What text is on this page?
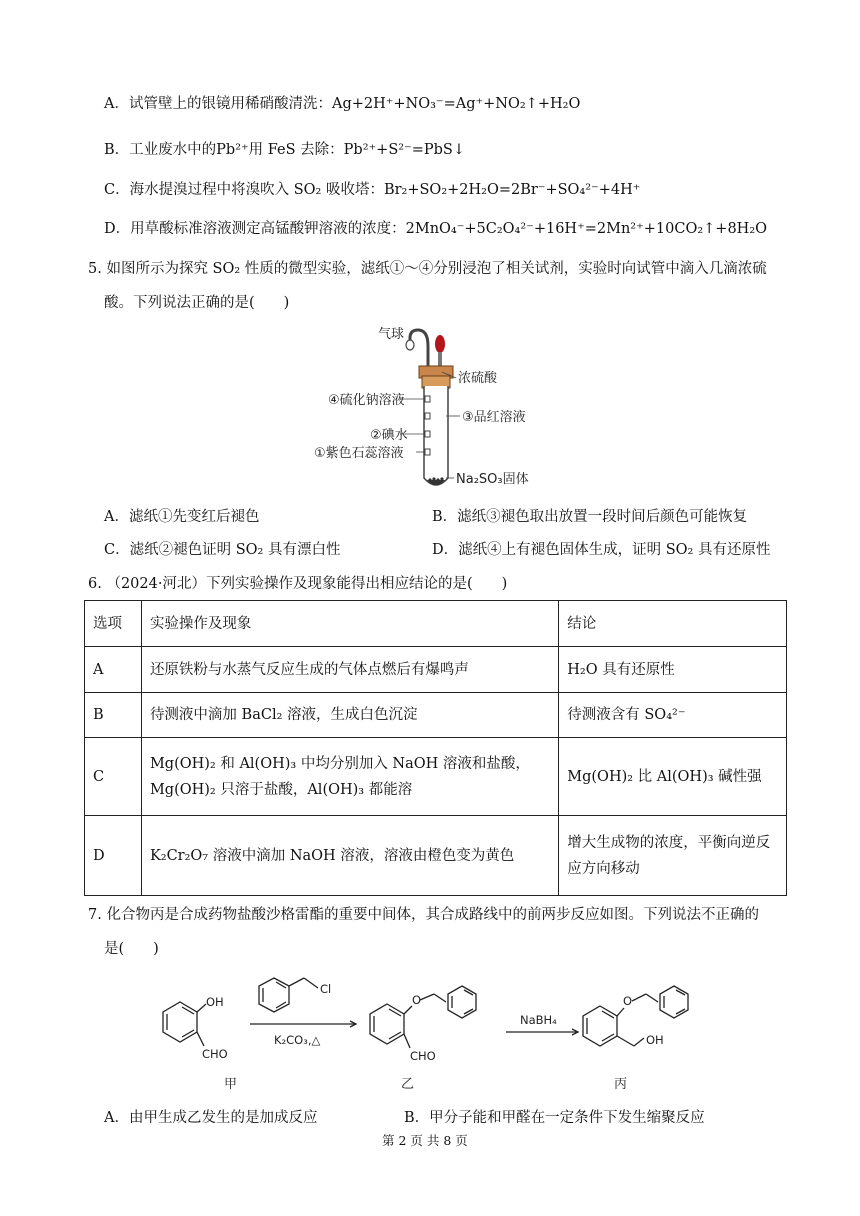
A．试管壁上的银镜用稀硝酸清洗：Ag+2H⁺+NO₃⁻=Ag⁺+NO₂↑+H₂O
B．工业废水中的Pb²⁺用 FeS 去除：Pb²⁺+S²⁻=PbS↓
C．海水提溴过程中将溴吹入 SO₂ 吸收塔：Br₂+SO₂+2H₂O=2Br⁻+SO₄²⁻+4H⁺
D．用草酸标准溶液测定高锰酸钾溶液的浓度：2MnO₄⁻+5C₂O₄²⁻+16H⁺=2Mn²⁺+10CO₂↑+8H₂O
5. 如图所示为探究 SO₂ 性质的微型实验，滤纸①～④分别浸泡了相关试剂，实验时向试管中滴入几滴浓硫
酸。下列说法正确的是(　　)
气球
浓硫酸
④硫化钠溶液
③品红溶液
②碘水
①紫色石蕊溶液
Na₂SO₃固体
A．滤纸①先变红后褪色	B．滤纸③褪色取出放置一段时间后颜色可能恢复
C．滤纸②褪色证明 SO₂ 具有漂白性	D．滤纸④上有褪色固体生成，证明 SO₂ 具有还原性
6. （2024·河北）下列实验操作及现象能得出相应结论的是(　　)
选项	实验操作及现象	结论
A	还原铁粉与水蒸气反应生成的气体点燃后有爆鸣声	H₂O 具有还原性
B	待测液中滴加 BaCl₂ 溶液，生成白色沉淀	待测液含有 SO₄²⁻
C	Mg(OH)₂ 和 Al(OH)₃ 中均分别加入 NaOH 溶液和盐酸，
Mg(OH)₂ 只溶于盐酸，Al(OH)₃ 都能溶	Mg(OH)₂ 比 Al(OH)₃ 碱性强
D	K₂Cr₂O₇ 溶液中滴加 NaOH 溶液，溶液由橙色变为黄色	增大生成物的浓度，平衡向逆反
应方向移动
7. 化合物丙是合成药物盐酸沙格雷酯的重要中间体，其合成路线中的前两步反应如图。下列说法不正确的
是(　　)
OH
CHO
Cl
K₂CO₃,△
O
CHO
NaBH₄
O
OH
甲	乙	丙
A．由甲生成乙发生的是加成反应	B．甲分子能和甲醛在一定条件下发生缩聚反应
第 2 页 共 8 页
